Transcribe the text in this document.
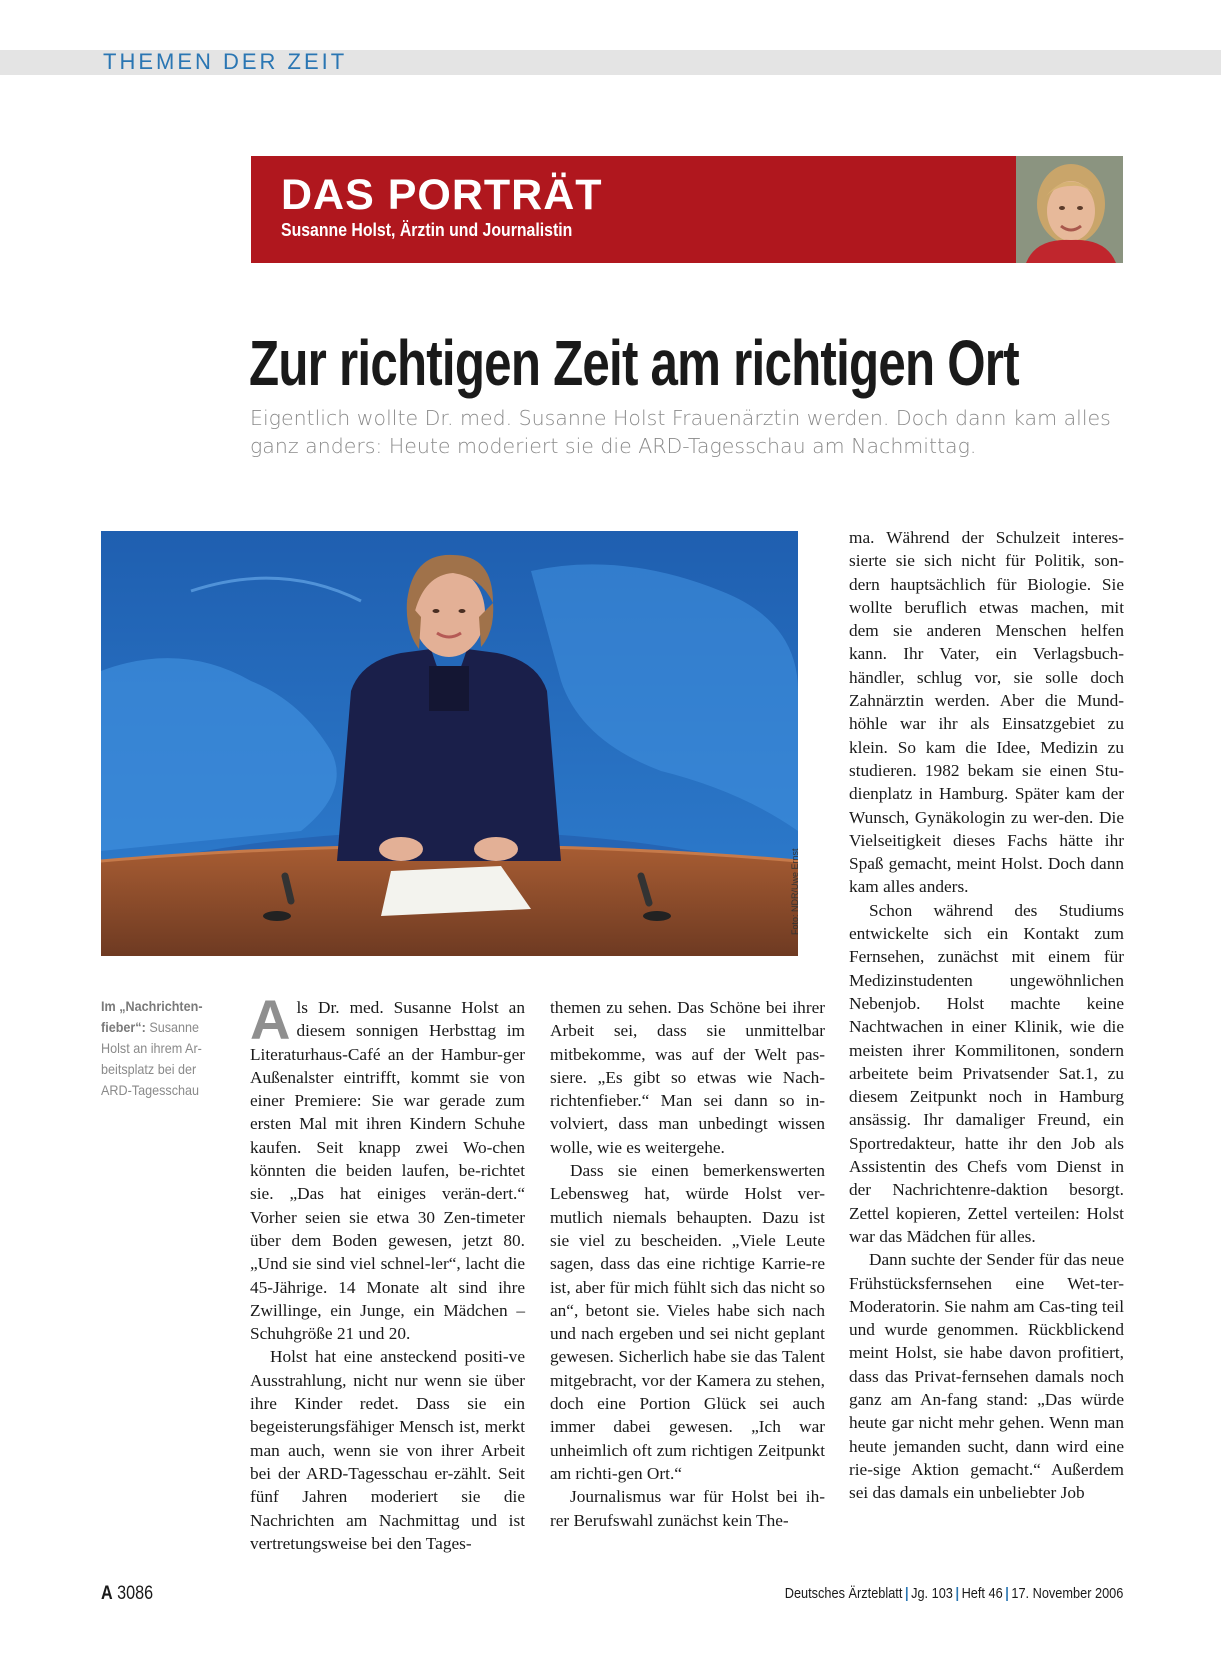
THEMEN DER ZEIT
DAS PORTRÄT
Susanne Holst, Ärztin und Journalistin
Zur richtigen Zeit am richtigen Ort
Eigentlich wollte Dr. med. Susanne Holst Frauenärztin werden. Doch dann kam alles ganz anders: Heute moderiert sie die ARD-Tagesschau am Nachmittag.
Foto: NDR/Uwe Ernst
Im „Nachrichten-fieber“: Susanne Holst an ihrem Ar-beitsplatz bei der ARD-Tagesschau

Als Dr. med. Susanne Holst an diesem sonnigen Herbsttag im Literaturhaus-Café an der Hambur-ger Außenalster eintrifft, kommt sie von einer Premiere: Sie war gerade zum ersten Mal mit ihren Kindern Schuhe kaufen. Seit knapp zwei Wo-chen könnten die beiden laufen, be-richtet sie. „Das hat einiges verän-dert.“ Vorher seien sie etwa 30 Zen-timeter über dem Boden gewesen, jetzt 80. „Und sie sind viel schnel-ler“, lacht die 45-Jährige. 14 Monate alt sind ihre Zwillinge, ein Junge, ein Mädchen – Schuhgröße 21 und 20.

Holst hat eine ansteckend positi-ve Ausstrahlung, nicht nur wenn sie über ihre Kinder redet. Dass sie ein begeisterungsfähiger Mensch ist, merkt man auch, wenn sie von ihrer Arbeit bei der ARD-Tagesschau er-zählt. Seit fünf Jahren moderiert sie die Nachrichten am Nachmittag und ist vertretungsweise bei den Tages-

themen zu sehen. Das Schöne bei ihrer Arbeit sei, dass sie unmittelbar mitbekomme, was auf der Welt pas-siere. „Es gibt so etwas wie Nach-richtenfieber.“ Man sei dann so in-volviert, dass man unbedingt wissen wolle, wie es weitergehe.

Dass sie einen bemerkenswerten Lebensweg hat, würde Holst ver-mutlich niemals behaupten. Dazu ist sie viel zu bescheiden. „Viele Leute sagen, dass das eine richtige Karrie-re ist, aber für mich fühlt sich das nicht so an“, betont sie. Vieles habe sich nach und nach ergeben und sei nicht geplant gewesen. Sicherlich habe sie das Talent mitgebracht, vor der Kamera zu stehen, doch eine Portion Glück sei auch immer dabei gewesen. „Ich war unheimlich oft zum richtigen Zeitpunkt am richti-gen Ort.“

Journalismus war für Holst bei ih-rer Berufswahl zunächst kein The-

ma. Während der Schulzeit interes-sierte sie sich nicht für Politik, son-dern hauptsächlich für Biologie. Sie wollte beruflich etwas machen, mit dem sie anderen Menschen helfen kann. Ihr Vater, ein Verlagsbuch-händler, schlug vor, sie solle doch Zahnärztin werden. Aber die Mund-höhle war ihr als Einsatzgebiet zu klein. So kam die Idee, Medizin zu studieren. 1982 bekam sie einen Stu-dienplatz in Hamburg. Später kam der Wunsch, Gynäkologin zu wer-den. Die Vielseitigkeit dieses Fachs hätte ihr Spaß gemacht, meint Holst. Doch dann kam alles anders.

Schon während des Studiums entwickelte sich ein Kontakt zum Fernsehen, zunächst mit einem für Medizinstudenten ungewöhnlichen Nebenjob. Holst machte keine Nachtwachen in einer Klinik, wie die meisten ihrer Kommilitonen, sondern arbeitete beim Privatsender Sat.1, zu diesem Zeitpunkt noch in Hamburg ansässig. Ihr damaliger Freund, ein Sportredakteur, hatte ihr den Job als Assistentin des Chefs vom Dienst in der Nachrichtenre-daktion besorgt. Zettel kopieren, Zettel verteilen: Holst war das Mädchen für alles.

Dann suchte der Sender für das neue Frühstücksfernsehen eine Wet-ter-Moderatorin. Sie nahm am Cas-ting teil und wurde genommen. Rückblickend meint Holst, sie habe davon profitiert, dass das Privat-fernsehen damals noch ganz am An-fang stand: „Das würde heute gar nicht mehr gehen. Wenn man heute jemanden sucht, dann wird eine rie-sige Aktion gemacht.“ Außerdem sei das damals ein unbeliebter Job

A 3086	Deutsches Ärzteblatt | Jg. 103 | Heft 46 | 17. November 2006
